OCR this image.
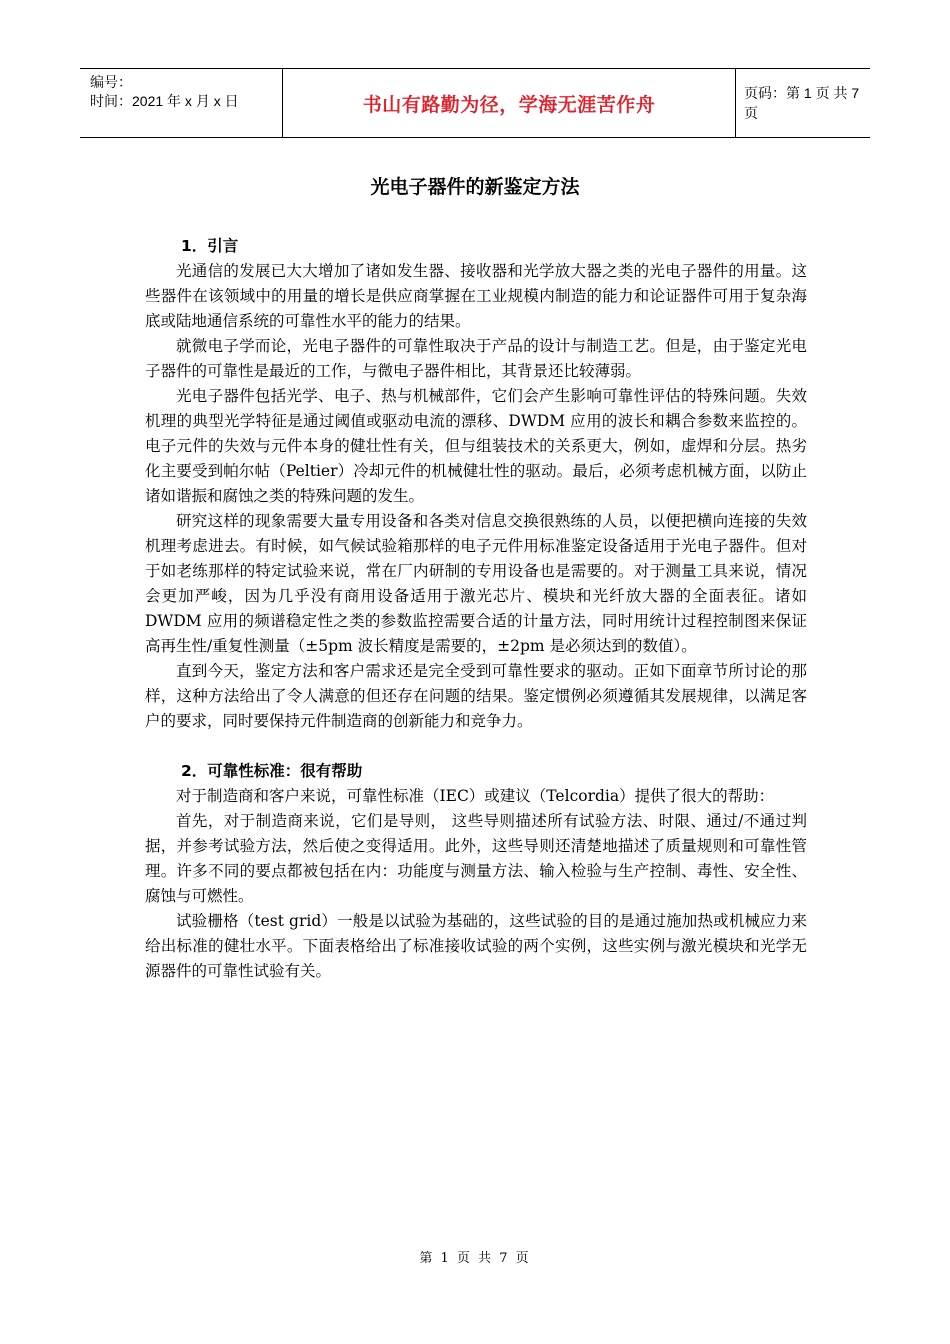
编号：
时间：2021 年 x 月 x 日	书山有路勤为径，学海无涯苦作舟
页码：第 1 页 共 7 页
光电子器件的新鉴定方法
1．引言

光通信的发展已大大增加了诸如发生器、接收器和光学放大器之类的光电子器件的用量。这些器件在该领域中的用量的增长是供应商掌握在工业规模内制造的能力和论证器件可用于复杂海底或陆地通信系统的可靠性水平的能力的结果。

就微电子学而论，光电子器件的可靠性取决于产品的设计与制造工艺。但是，由于鉴定光电子器件的可靠性是最近的工作，与微电子器件相比，其背景还比较薄弱。

光电子器件包括光学、电子、热与机械部件，它们会产生影响可靠性评估的特殊问题。失效机理的典型光学特征是通过阈值或驱动电流的漂移、DWDM 应用的波长和耦合参数来监控的。电子元件的失效与元件本身的健壮性有关，但与组装技术的关系更大，例如，虚焊和分层。热劣化主要受到帕尔帖（Peltier）冷却元件的机械健壮性的驱动。最后，必须考虑机械方面，以防止诸如谐振和腐蚀之类的特殊问题的发生。

研究这样的现象需要大量专用设备和各类对信息交换很熟练的人员，以便把横向连接的失效机理考虑进去。有时候，如气候试验箱那样的电子元件用标准鉴定设备适用于光电子器件。但对于如老练那样的特定试验来说，常在厂内研制的专用设备也是需要的。对于测量工具来说，情况会更加严峻，因为几乎没有商用设备适用于激光芯片、模块和光纤放大器的全面表征。诸如 DWDM 应用的频谱稳定性之类的参数监控需要合适的计量方法，同时用统计过程控制图来保证高再生性/重复性测量（±5pm 波长精度是需要的，±2pm 是必须达到的数值）。

直到今天，鉴定方法和客户需求还是完全受到可靠性要求的驱动。正如下面章节所讨论的那样，这种方法给出了令人满意的但还存在问题的结果。鉴定惯例必须遵循其发展规律，以满足客户的要求，同时要保持元件制造商的创新能力和竞争力。

2．可靠性标准：很有帮助

对于制造商和客户来说，可靠性标准（IEC）或建议（Telcordia）提供了很大的帮助：

首先，对于制造商来说，它们是导则， 这些导则描述所有试验方法、时限、通过/不通过判据，并参考试验方法，然后使之变得适用。此外，这些导则还清楚地描述了质量规则和可靠性管理。许多不同的要点都被包括在内：功能度与测量方法、输入检验与生产控制、毒性、安全性、腐蚀与可燃性。

试验栅格（test grid）一般是以试验为基础的，这些试验的目的是通过施加热或机械应力来给出标准的健壮水平。下面表格给出了标准接收试验的两个实例，这些实例与激光模块和光学无源器件的可靠性试验有关。

第 1 页 共 7 页
